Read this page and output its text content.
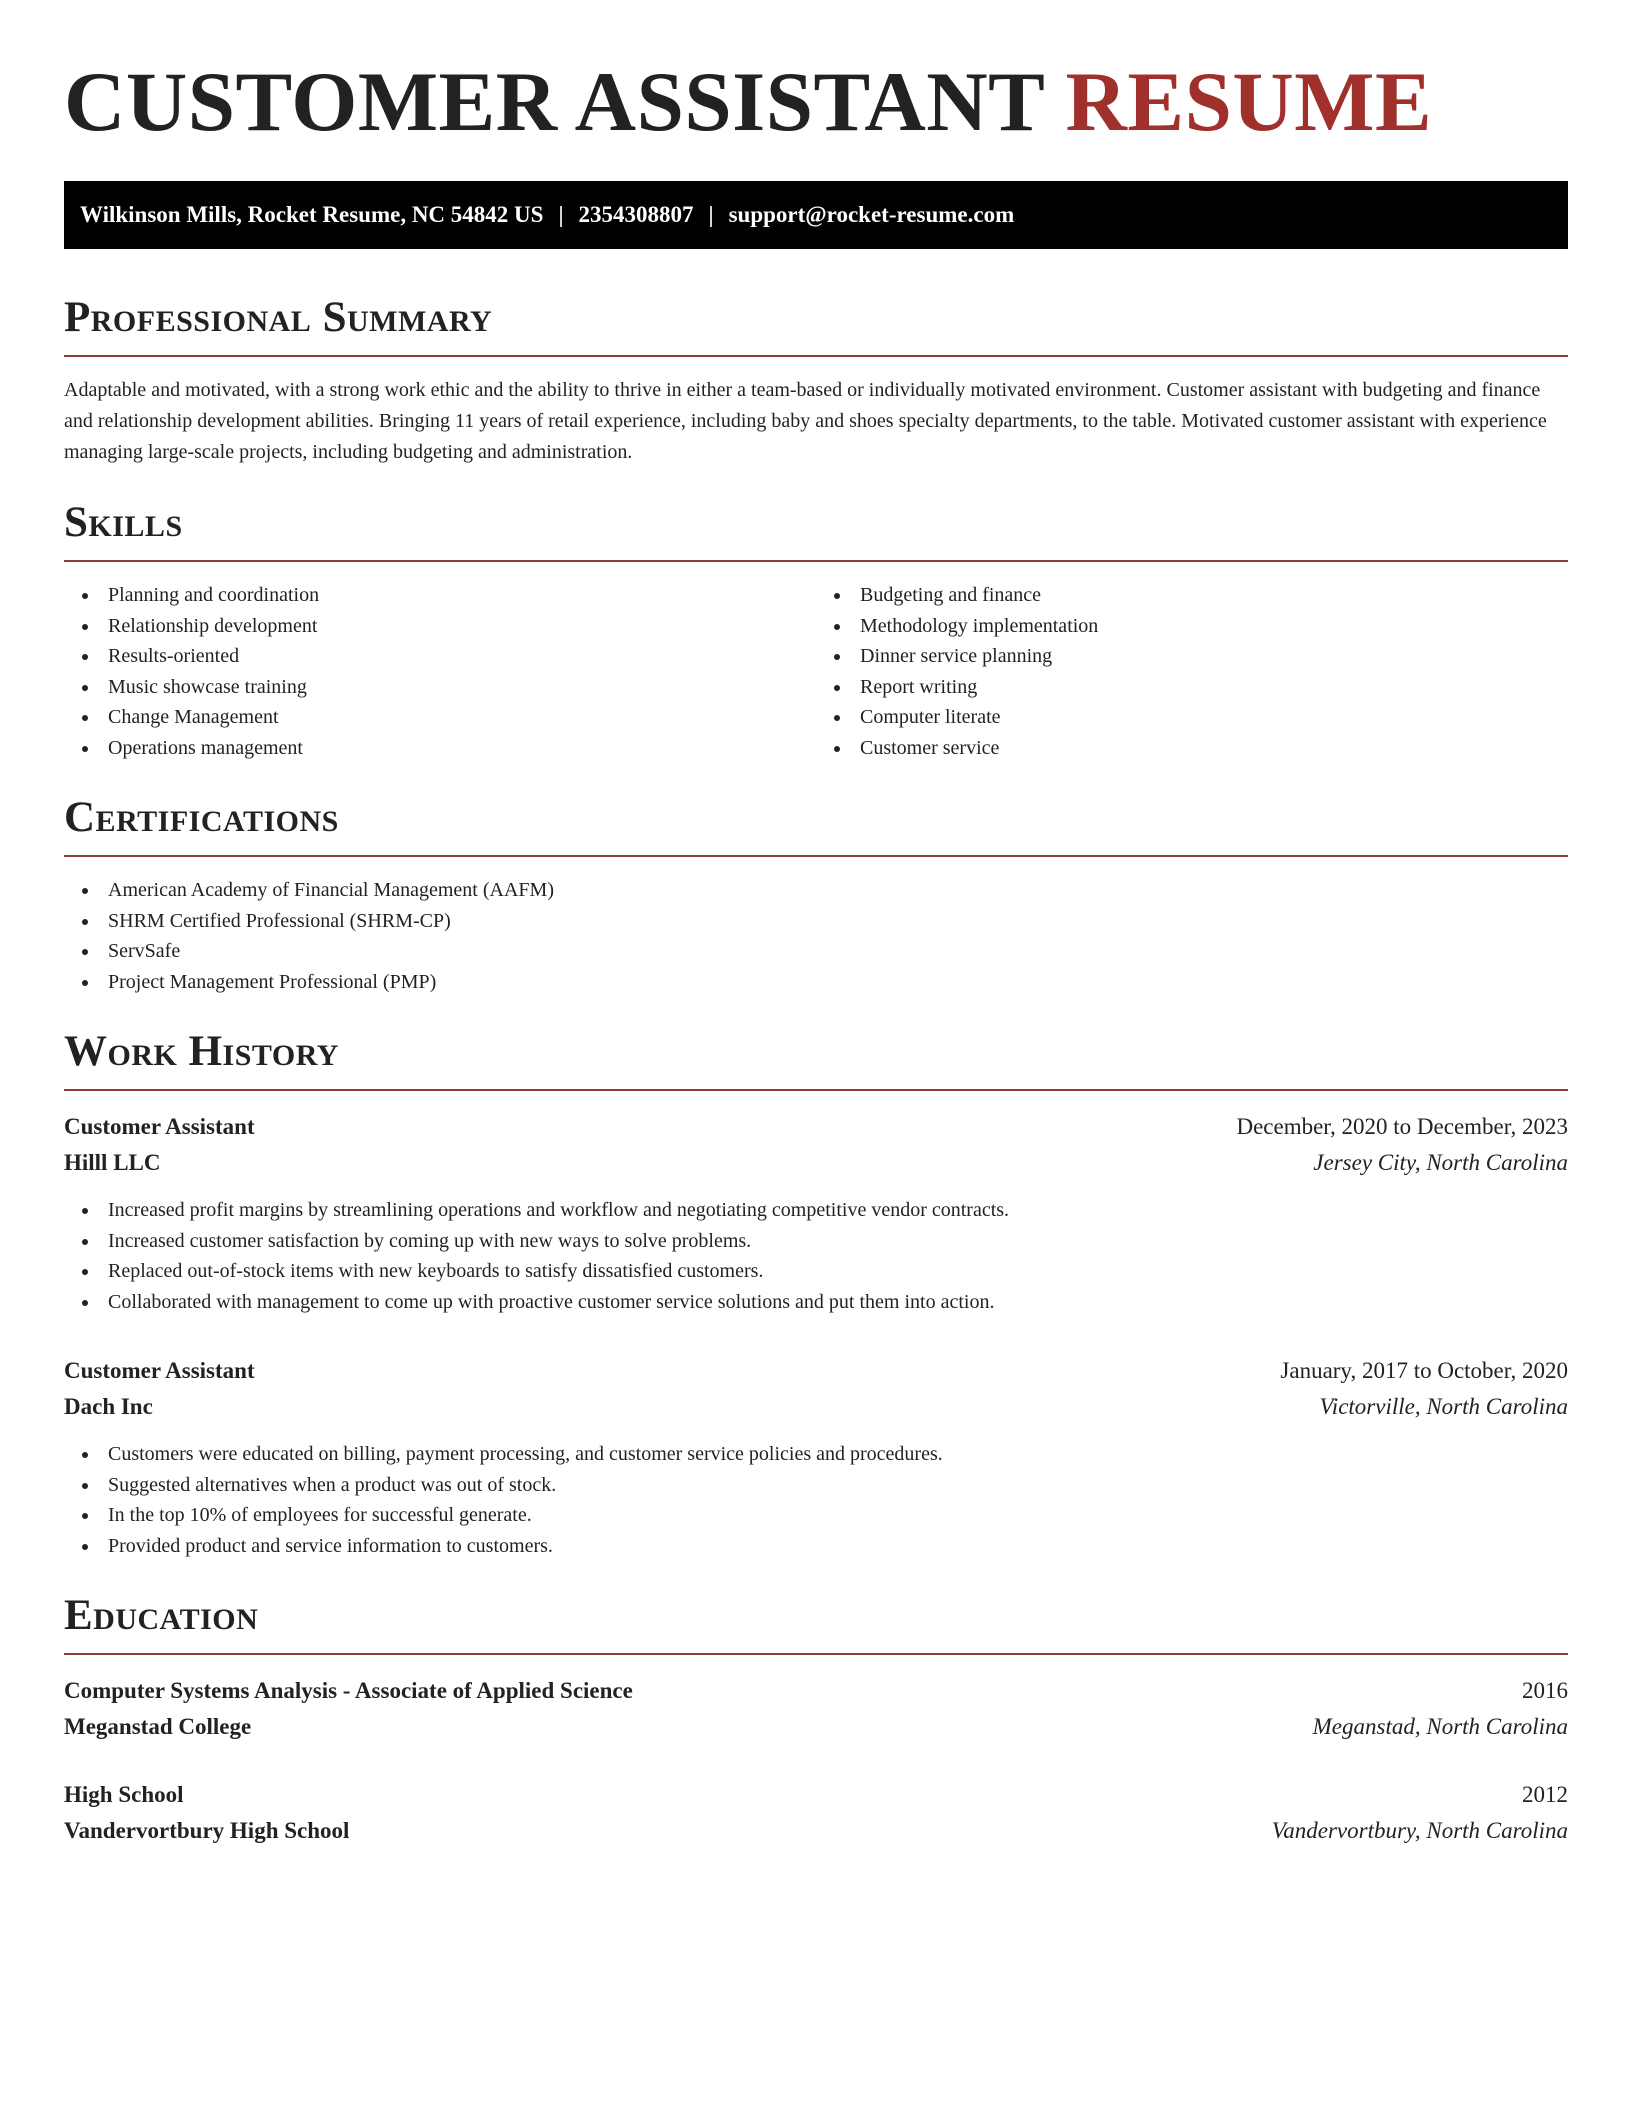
CUSTOMER ASSISTANT RESUME
Wilkinson Mills, Rocket Resume, NC 54842 US | 2354308807 | support@rocket-resume.com
Professional Summary

Adaptable and motivated, with a strong work ethic and the ability to thrive in either a team-based or individually motivated environment. Customer assistant with budgeting and finance and relationship development abilities. Bringing 11 years of retail experience, including baby and shoes specialty departments, to the table. Motivated customer assistant with experience managing large-scale projects, including budgeting and administration.

Skills
Planning and coordination
Relationship development
Results-oriented
Music showcase training
Change Management
Operations management
Budgeting and finance
Methodology implementation
Dinner service planning
Report writing
Computer literate
Customer service
Certifications
American Academy of Financial Management (AAFM)
SHRM Certified Professional (SHRM-CP)
ServSafe
Project Management Professional (PMP)
Work History
Customer Assistant	December, 2020 to December, 2023
Hilll LLC	Jersey City, North Carolina
Increased profit margins by streamlining operations and workflow and negotiating competitive vendor contracts.
Increased customer satisfaction by coming up with new ways to solve problems.
Replaced out-of-stock items with new keyboards to satisfy dissatisfied customers.
Collaborated with management to come up with proactive customer service solutions and put them into action.
Customer Assistant	January, 2017 to October, 2020
Dach Inc	Victorville, North Carolina
Customers were educated on billing, payment processing, and customer service policies and procedures.
Suggested alternatives when a product was out of stock.
In the top 10% of employees for successful generate.
Provided product and service information to customers.
Education
Computer Systems Analysis - Associate of Applied Science	2016
Meganstad College	Meganstad, North Carolina
High School	2012
Vandervortbury High School	Vandervortbury, North Carolina
